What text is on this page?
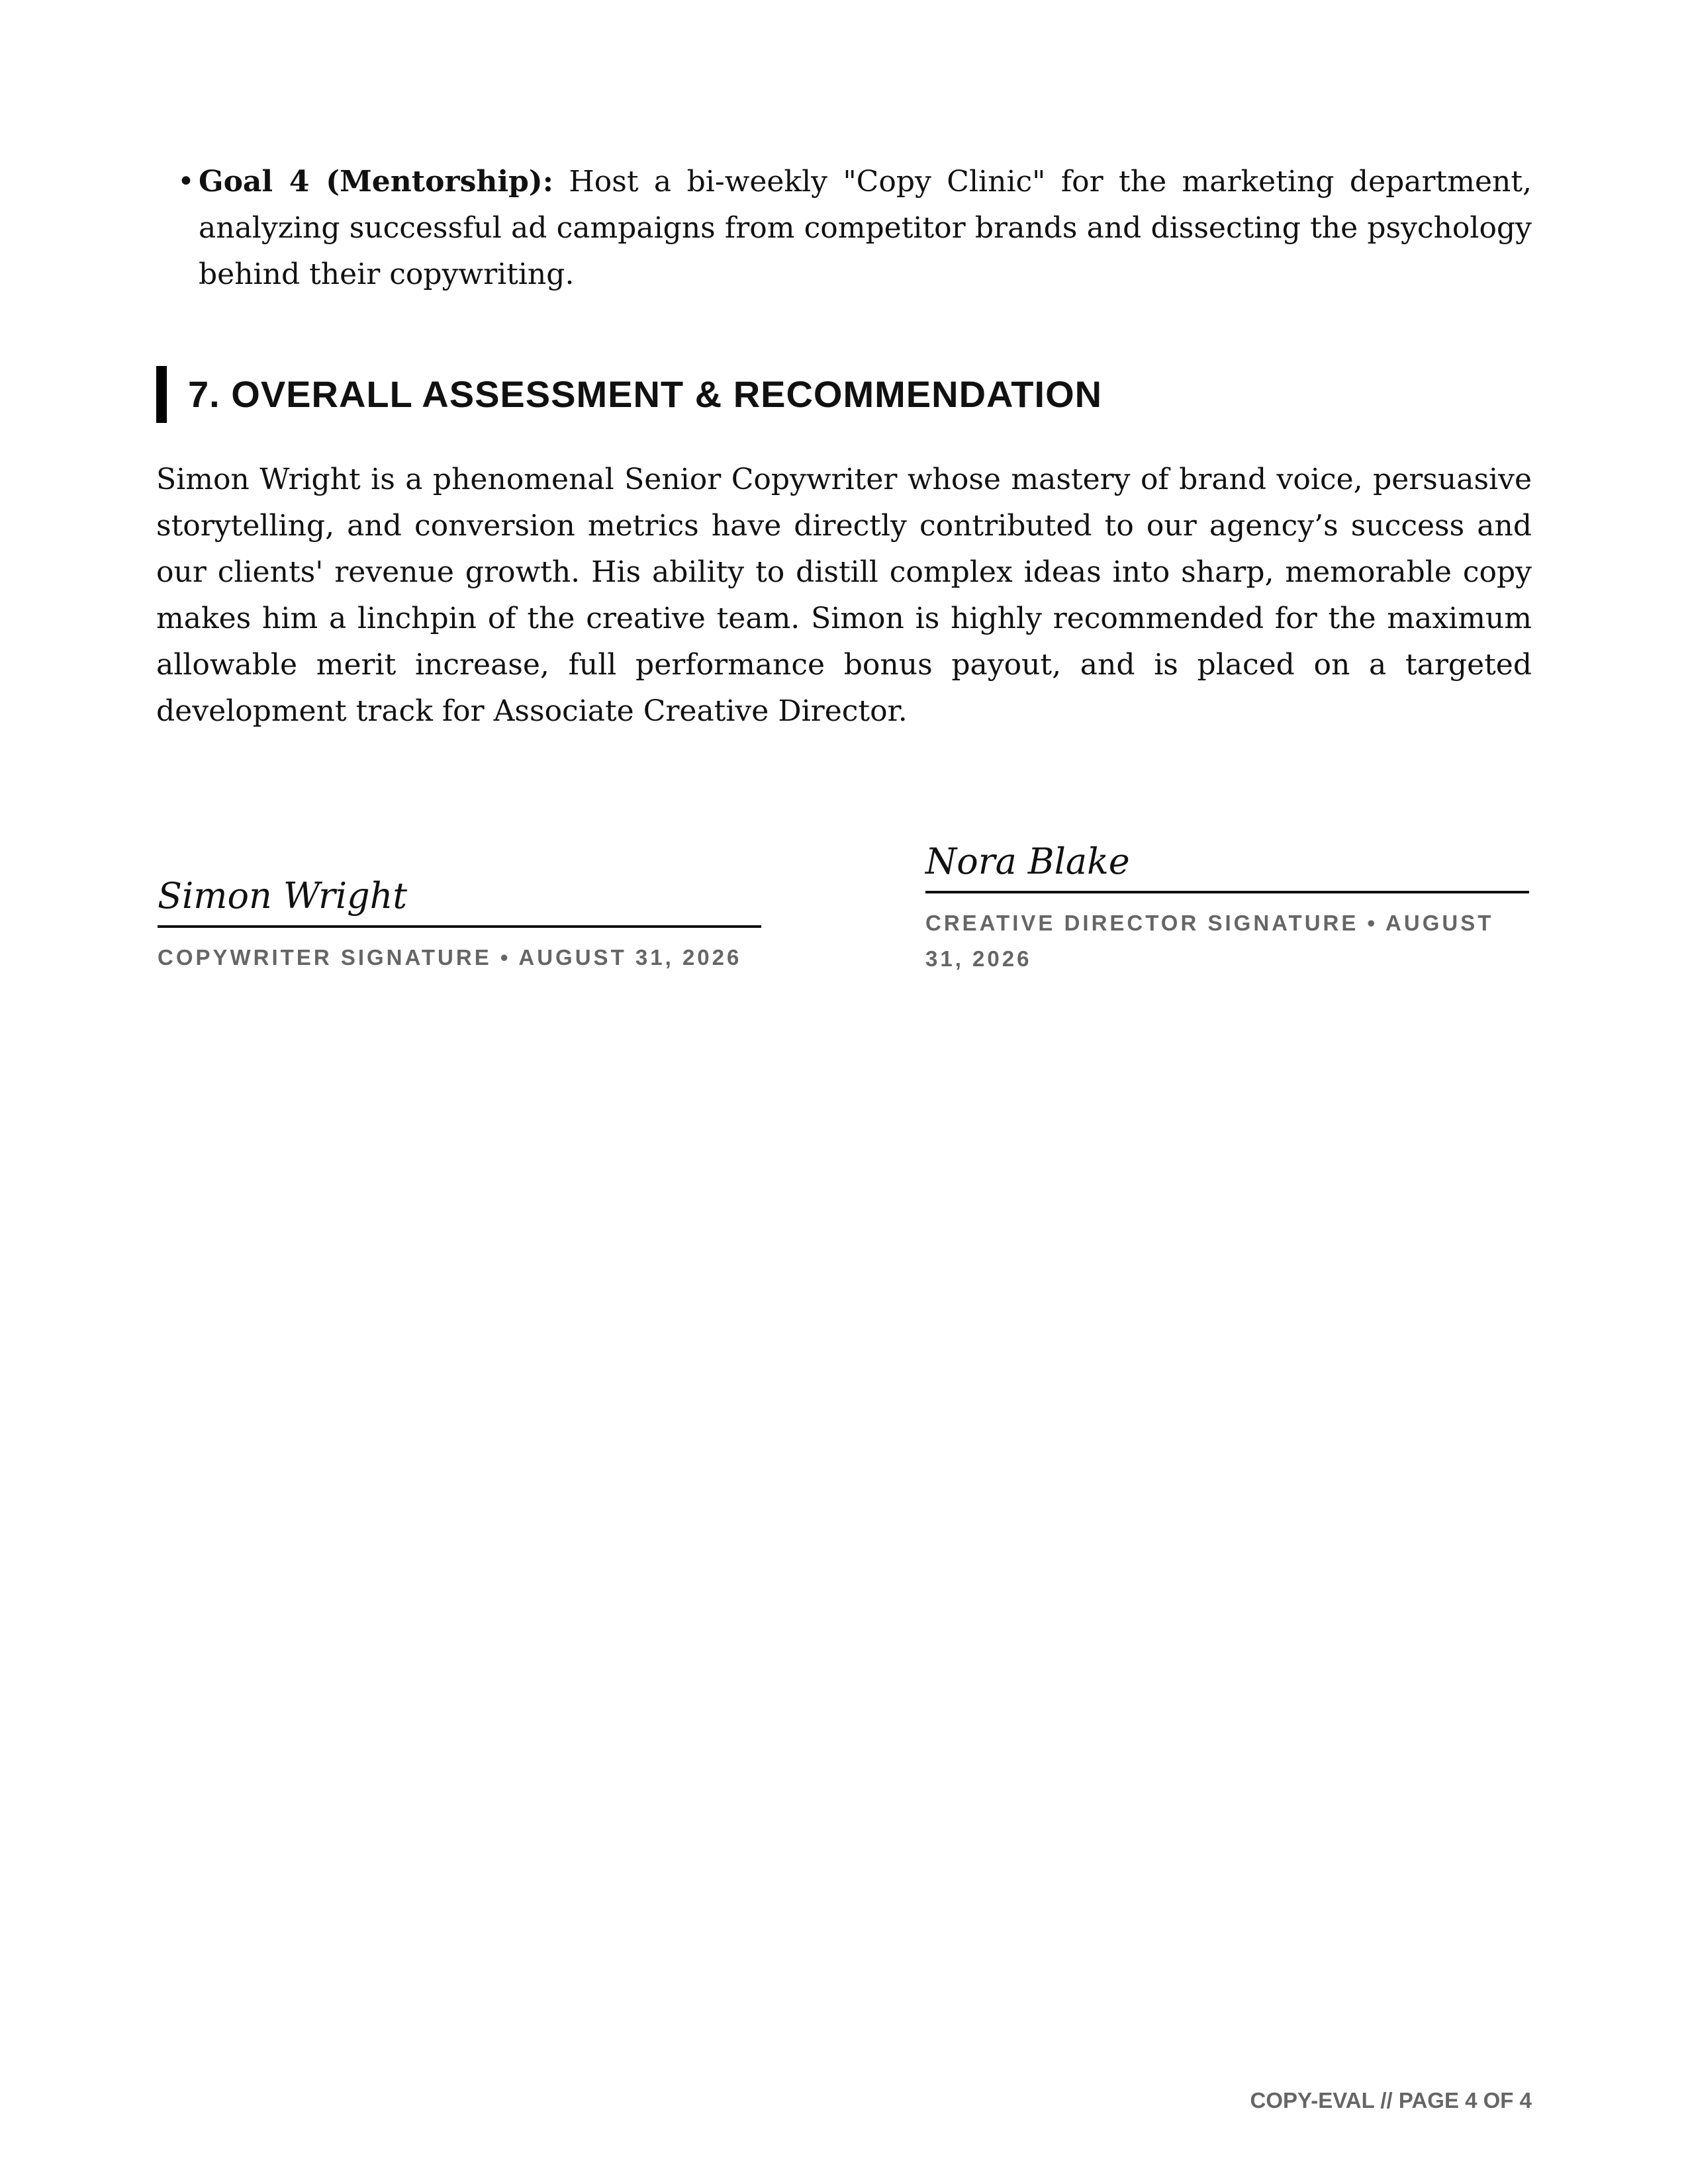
• Goal 4 (Mentorship): Host a bi-weekly "Copy Clinic" for the marketing department, analyzing successful ad campaigns from competitor brands and dissecting the psychology behind their copywriting.
7. OVERALL ASSESSMENT & RECOMMENDATION

Simon Wright is a phenomenal Senior Copywriter whose mastery of brand voice, persuasive storytelling, and conversion metrics have directly contributed to our agency’s success and our clients' revenue growth. His ability to distill complex ideas into sharp, memorable copy makes him a linchpin of the creative team. Simon is highly recommended for the maximum allowable merit increase, full performance bonus payout, and is placed on a targeted development track for Associate Creative Director.

Simon Wright
COPYWRITER SIGNATURE • AUGUST 31, 2026
Nora Blake
CREATIVE DIRECTOR SIGNATURE • AUGUST 31, 2026
COPY-EVAL // PAGE 4 OF 4
